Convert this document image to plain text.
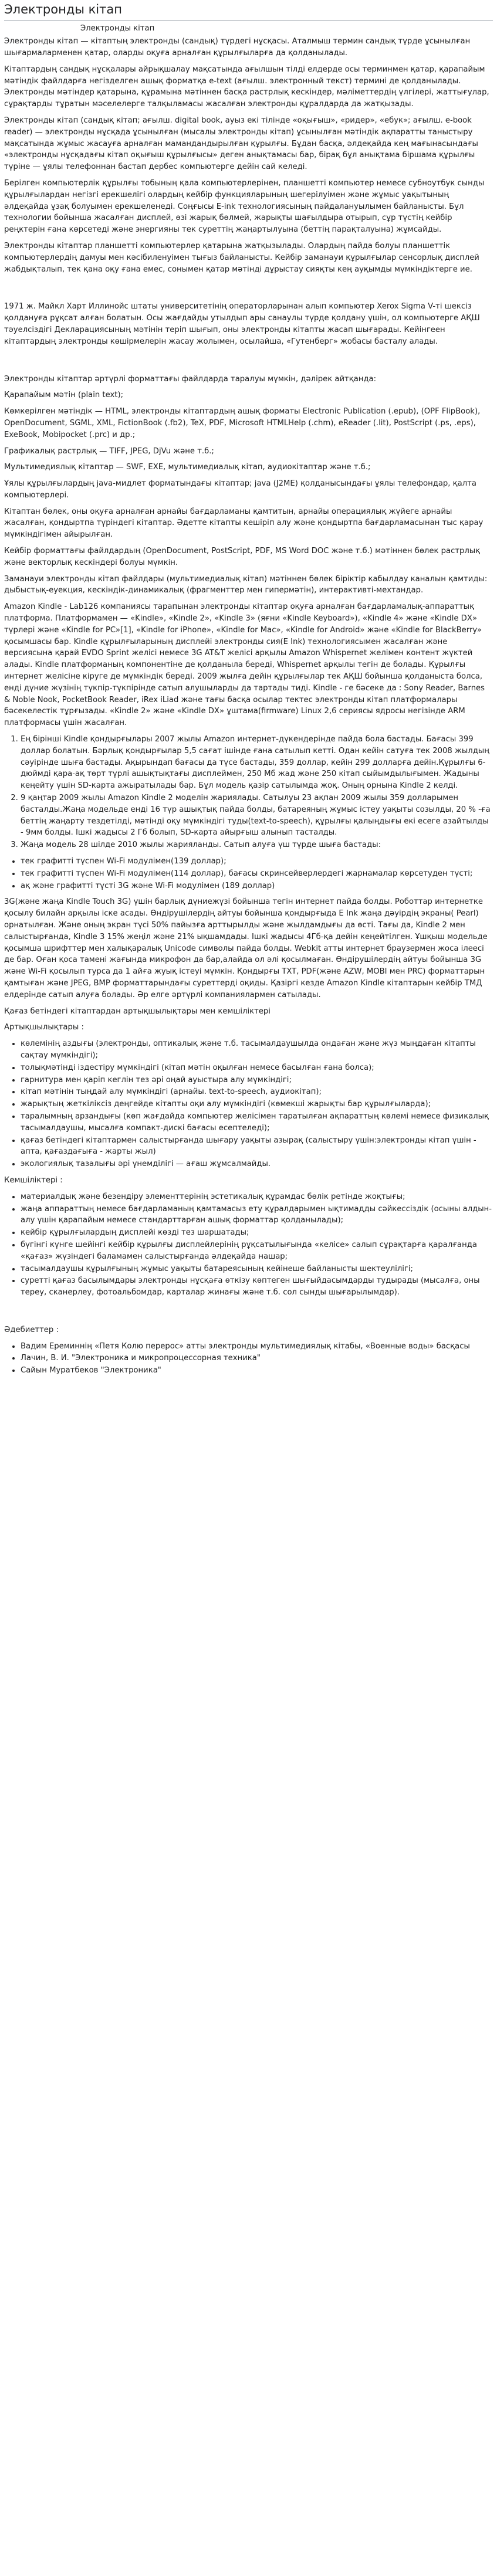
Электронды кітап

Электронды кітап

Электронды кітап — кітаптың электронды (сандық) түрдегі нұсқасы. Аталмыш термин сандық түрде ұсынылған шығармаларменен қатар, оларды оқуға арналған құрылғыларға да қолданылады.

Кітаптардың сандық нұсқалары айрықшалау мақсатында ағылшын тілді елдерде осы терминмен қатар, қарапайым мәтіндік файлдарға негізделген ашық форматқа e-text (ағылш. электронный текст) термині де қолданылады. Электронды мәтіндер қатарына, құрамына мәтіннен басқа растрлық кескіндер, мәліметтердің үлгілері, жаттығулар, сұрақтарды тұратын мәселелерге талқыламасы жасалған электронды құралдарда да жатқызады.

Электронды кітап (сандық кітап; ағылш. digital book, ауыз екі тілінде «оқығыш», «ридер», «ебук»; ағылш. e-book reader) — электронды нұсқада ұсынылған (мысалы электронды кітап) ұсынылған мәтіндік ақпаратты таныстыру мақсатында жұмыс жасауға арналған мамандандырылған құрылғы. Бұдан басқа, әлдеқайда кең мағынасындағы «электронды нұсқадағы кітап оқығыш құрылғысы» деген анықтамасы бар, бірақ бұл анықтама біршама құрылғы түріне — ұялы телефоннан бастап дербес компьютерге дейін сай келеді.

Берілген компьютерлік құрылғы тобының қала компьютерлерінен, планшетті компьютер немесе субноутбук сынды құрылғылардан негізгі ерекшелігі олардың кейбір функцияларының шегерілуімен және жұмыс уақытының әлдеқайда ұзақ болуымен ерекшеленеді. Соңғысы E-ink технологиясының пайдалануылымен байланысты. Бұл технологии бойынша жасалған дисплей, өзі жарық бөлмей, жарықты шағылдыра отырып, сұр түстің кейбір реңктерін ғана көрсетеді және энергияны тек суреттің жаңартылуына (беттің парақталуына) жұмсайды.

Электронды кітаптар планшетті компьютерлер қатарына жатқызылады. Олардың пайда болуы планшеттік компьютерлердің дамуы мен кәсібиленуімен тығыз байланысты. Кейбір заманауи құрылғылар сенсорлық дисплей жабдықталып, тек қана оқу ғана емес, сонымен қатар мәтінді дұрыстау сияқты кең ауқымды мүмкіндіктерге ие.

1971 ж. Майкл Харт Иллинойс штаты университетінің операторларынан алып компьютер Xerox Sigma V-ті шексіз қолдануға рұқсат алған болатын. Осы жағдайды утылдып ары санаулы түрде қолдану үшін, ол компьютерге АҚШ тәуелсіздігі Декларациясының мәтінін теріп шығып, оны электронды кітапты жасап шығарады. Кейінгеен кітаптардың электронды көшірмелерін жасау жолымен, осылайша, «Гутенберг» жобасы басталу алады.

Электронды кітаптар әртүрлі форматтағы файлдарда таралуы мүмкін, дәлірек айтқанда:

Қарапайым мәтін (plain text);

Көмкерілген мәтіндік — HTML, электронды кітаптардың ашық форматы Electronic Publication (.epub), (OPF FlipBook), OpenDocument, SGML, XML, FictionBook (.fb2), TeX, PDF, Microsoft HTMLHelp (.chm), eReader (.lit), PostScript (.ps, .eps), ExeBook, Mobipocket (.prc) и др.;

Графикалық растрлық — TIFF, JPEG, DjVu және т.б.;

Мультимедиялық кітаптар — SWF, EXE, мультимедиалық кітап, аудиокітаптар және т.б.;

Ұялы құрылғылардың java-мидлет форматындағы кітаптар; java (J2ME) қолданысындағы ұялы телефондар, қалта компьютерлері.

Кітаптан бөлек, оны оқуға арналған арнайы бағдарламаны қамтитын, арнайы операциялық жүйеге арнайы жасалған, қондыртпа түріндегі кітаптар. Әдетте кітапты кешіріп алу және қондыртпа бағдарламасынан тыс қарау мүмкіндігімен айырылған.

Кейбір форматтағы файлдардың (OpenDocument, PostScript, PDF, MS Word DOC және т.б.) мәтіннен бөлек растрлық және векторлық кескіндері болуы мүмкін.

Заманауи электронды кітап файлдары (мультимедиалық кітап) мәтіннен бөлек біріктір кабылдау каналын қамтиды: дыбыстық-еуекция, кескіндік-динамикалық (фрагменттер мен гипермәтін), интерактивті-мехтандар.

Amazon Kindle - Lab126 компаниясы тарапынан электронды кітаптар оқуға арналған бағдарламалық-аппараттық платформа. Платформамен — «Kindle», «Kindle 2», «Kindle 3» (яғни «Kindle Keyboard»), «Kindle 4» және «Kindle DX» түрлері және «Kindle for PC»[1], «Kindle for iPhone», «Kindle for Mac», «Kindle for Android» және «Kindle for BlackBerry» қосымшасы бар. Kindle құрылғыларының дисплейі электронды сия(E Ink) технологиясымен жасалған және версиясына қарай EVDO Sprint желісі немесе 3G AT&T желісі арқылы Amazon Whispernet желімен контент жүктей алады. Kindle платформаның компонентіне де қолданыла береді, Whispernet арқылы тегін де болады. Құрылғы интернет желісіне кіруге де мүмкіндік береді. 2009 жылға дейін құрылғылар тек АҚШ бойынша қолданыста болса, енді дүние жүзінің түкпір-түкпірінде сатып алушыларды да тартады тиді. Kindle - ге бәсеке да : Sony Reader, Barnes & Noble Nook, PocketBook Reader, iRex iLiad және тағы басқа осылар тектес электронды кітап платформалары бәсекелестік тұрғызады. «Kindle 2» және «Kindle DX» ұштама(firmware) Linux 2,6 сериясы ядросы негізінде ARM платформасы үшін жасалған.

1. Ең бірінші Kindle қондырғылары 2007 жылы Amazon интернет-дүкендерінде пайда бола бастады. Бағасы 399 доллар болатын. Бәрлық қондырғылар 5,5 сағат ішінде ғана сатылып кетті. Одан кейін сатуға тек 2008 жылдың сәуірінде шыға бастады. Ақырындап бағасы да түсе бастады, 359 доллар, кейін 299 долларға дейін.Құрылғы 6-дюймді қара-ақ төрт түрлі ашықтықтағы дисплеймен, 250 Мб жад және 250 кітап сыйымдылығымен. Жадыны кеңейту үшін SD-карта ажыратылады бар. Бұл модель қазір сатылымда жоқ. Оның орнына Kindle 2 келді.
2. 9 қаңтар 2009 жылы Amazon Kindle 2 моделін жариялады. Сатылуы 23 ақпан 2009 жылы 359 долларымен басталды.Жаңа модельде енді 16 түр ашықтық пайда болды, батареяның жұмыс істеу уақыты созылды, 20 % -ға беттің жаңарту тездетілді, мәтінді оқу мүмкіндігі туды(text-to-speech), құрылғы қалыңдығы екі есеге азайтылды - 9мм болды. Ішкі жадысы 2 Гб болып, SD-карта айырғыш алынып тасталды.
3. Жаңа модель 28 шілде 2010 жылы жарияланды. Сатып алуға үш түрде шыға бастады:
• тек графитті түспен Wi-Fi модулімен(139 доллар);
• тек графитті түспен Wi-Fi модулімен(114 доллар), бағасы скринсейверлердегі жарнамалар көрсетуден түсті;
• ақ және графитті түсті 3G және Wi-Fi модулімен (189 доллар)

3G(және жаңа Kindle Touch 3G) үшін барлық дүниежүзі бойынша тегін интернет пайда болды. Роботтар интернетке қосылу билайн арқылы іске асады. Өндірушілердің айтуы бойынша қондырғыда E Ink жаңа дәуірдің экраны( Pearl) орнатылған. Және оның экран түсі 50% пайызға арттырылды және жылдамдығы да өсті. Тағы да, Kindle 2 мен салыстырғанда, Kindle 3 15% жеңіл және 21% ықшамдады. Ішкі жадысы 4Гб-қа дейін кеңейтілген. Ұшқыш модельде қосымша шрифттер мен халықаралық Unicode символы пайда болды. Webkit атты интернет браузермен жоса ілеесі де бар. Оған қоса тамені жағында микрофон да бар,алайда ол әлі қосылмаған. Өндірушілердің айтуы бойынша 3G және Wi-Fi қосылып турса да 1 айға жуық істеуі мүмкін. Қондырғы TXT, PDF(және AZW, MOBI мен PRC) форматтарын қамтыған және JPEG, BMP форматтарындағы суреттерді оқиды. Қазіргі кезде Amazon Kindle кітаптарын кейбір ТМД елдерінде сатып алуға болады. Әр елге әртүрлі компаниялармен сатылады.

Қағаз бетіндегі кітаптардан артықшылықтары мен кемшіліктері

Артықшылықтары :

• көлемінің аздығы (электронды, оптикалық және т.б. тасымалдаушылда ондаған және жүз мыңдаған кітапты сақтау мүмкіндігі);
• толықмәтінді іздестіру мүмкіндігі (кітап мәтін оқылған немесе басылған ғана болса);
• гарнитура мен қаріп кеглін тез әрі оңай ауыстыра алу мүмкіндігі;
• кітап мәтінін тыңдай алу мүмкіндігі (арнайы. text-to-speech, аудиокітап);
• жарықтың жеткіліксіз деңгейде кітапты оқи алу мүмкіндігі (көмекші жарықты бар құрылғыларда);
• таралымның арзандығы (көп жағдайда компьютер желісімен таратылған ақпараттың көлемі немесе физикалық тасымалдаушы, мысалға компакт-дискі бағасы есептеледі);
• қағаз бетіндегі кітаптармен салыстырғанда шығару уақыты азырақ (салыстыру үшін:электронды кітап үшін - апта, қағаздағыға - жарты жыл)
• экологиялық тазалығы әрі үнемділігі — ағаш жұмсалмайды.

Кемшіліктері :

• материалдық және безендіру элементтерінің эстетикалық құрамдас бөлік ретінде жоқтығы;
• жаңа аппараттың немесе бағдарламаның қамтамасыз ету құралдарымен ықтимадды сәйкессіздік (осыны алдын-алу үшін қарапайым немесе стандарттарған ашық форматтар қолданылады);
• кейбір құрылғылардың дисплейі көзді тез шаршатады;
• бүгінгі күнге шейінгі кейбір құрылғы дисплейлерінің рұқсатылығында «келісе» салып сұрақтарға қаралғанда «қағаз» жүзіндегі баламамен салыстырғанда әлдеқайда нашар;
• тасымалдаушы құрылғының жұмыс уақыты батареяcының кейінеше байланысты шектеулілігі;
• суреттi қағаз басылымдары электронды нұсқаға өткізу көптеген шығыйдасымдарды тудырады (мысалға, оны тереу, сканерлеу, фотоальбомдар, карталар жинағы және т.б. сол сынды шығарылымдар).

Әдебиеттер :

• Вадим Ереминнің «Петя Колю перерос» атты электронды мультимедиялық кітабы, «Военные воды» басқасы
• Лачин, В. И. "Электроника и микропроцессорная техника"
• Сайын Муратбеков "Электроника"
